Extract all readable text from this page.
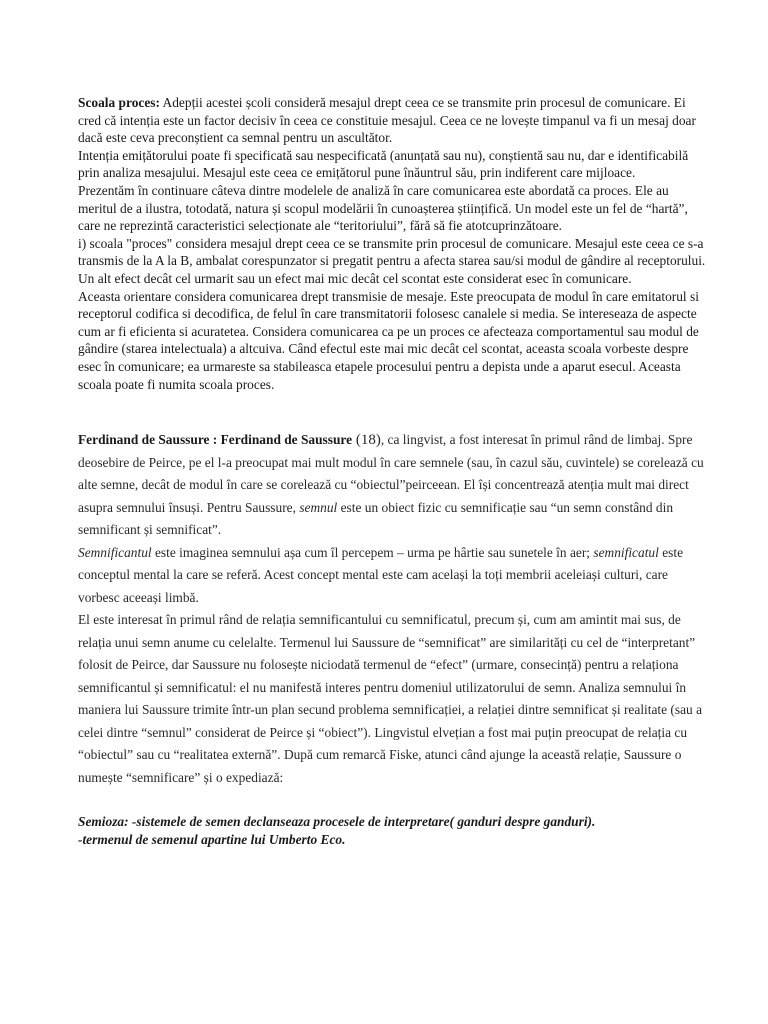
Scoala proces: Adepții acestei școli consideră mesajul drept ceea ce se transmite prin procesul de comunicare. Ei cred că intenția este un factor decisiv în ceea ce constituie mesajul. Ceea ce ne lovește timpanul va fi un mesaj doar dacă este ceva preconștient ca semnal pentru un ascultător.

Intenția emițătorului poate fi specificată sau nespecificată (anunțată sau nu), conștientă sau nu, dar e identificabilă prin analiza mesajului. Mesajul este ceea ce emițătorul pune înăuntrul său, prin indiferent care mijloace.

Prezentăm în continuare câteva dintre modelele de analiză în care comunicarea este abordată ca proces. Ele au meritul de a ilustra, totodată, natura și scopul modelării în cunoașterea științifică. Un model este un fel de “hartă”, care ne reprezintă caracteristici selecționate ale “teritoriului”, fără să fie atotcuprinzătoare.

i) scoala "proces" considera mesajul drept ceea ce se transmite prin procesul de comunicare. Mesajul este ceea ce s-a transmis de la A la B, ambalat corespunzator si pregatit pentru a afecta starea sau/si modul de gândire al receptorului. Un alt efect decât cel urmarit sau un efect mai mic decât cel scontat este considerat esec în comunicare.

Aceasta orientare considera comunicarea drept transmisie de mesaje. Este preocupata de modul în care emitatorul si receptorul codifica si decodifica, de felul în care transmitatorii folosesc canalele si media. Se intereseaza de aspecte cum ar fi eficienta si acuratetea. Considera comunicarea ca pe un proces ce afecteaza comportamentul sau modul de gândire (starea intelectuala) a altcuiva. Când efectul este mai mic decât cel scontat, aceasta scoala vorbeste despre esec în comunicare; ea urmareste sa stabileasca etapele procesului pentru a depista unde a aparut esecul. Aceasta scoala poate fi numita scoala proces.

Ferdinand de Saussure : Ferdinand de Saussure (18), ca lingvist, a fost interesat în primul rând de limbaj. Spre deosebire de Peirce, pe el l-a preocupat mai mult modul în care semnele (sau, în cazul său, cuvintele) se corelează cu alte semne, decât de modul în care se corelează cu “obiectul”peirceean. El își concentrează atenția mult mai direct asupra semnului însuși. Pentru Saussure, semnul este un obiect fizic cu semnificație sau “un semn constând din semnificant și semnificat”.

Semnificantul este imaginea semnului așa cum îl percepem – urma pe hârtie sau sunetele în aer; semnificatul este conceptul mental la care se referă. Acest concept mental este cam același la toți membrii aceleiași culturi, care vorbesc aceeași limbă.

El este interesat în primul rând de relația semnificantului cu semnificatul, precum și, cum am amintit mai sus, de relația unui semn anume cu celelalte. Termenul lui Saussure de “semnificat” are similarități cu cel de “interpretant” folosit de Peirce, dar Saussure nu folosește niciodată termenul de “efect” (urmare, consecință) pentru a relaționa semnificantul și semnificatul: el nu manifestă interes pentru domeniul utilizatorului de semn. Analiza semnului în maniera lui Saussure trimite într-un plan secund problema semnificației, a relației dintre semnificat și realitate (sau a celei dintre “semnul” considerat de Peirce și “obiect”). Lingvistul elvețian a fost mai puțin preocupat de relația cu “obiectul” sau cu “realitatea externă”. După cum remarcă Fiske, atunci când ajunge la această relație, Saussure o numește “semnificare” și o expediază:

Semioza: -sistemele de semen declanseaza procesele de interpretare( ganduri despre ganduri).

-termenul de semenul apartine lui Umberto Eco.
